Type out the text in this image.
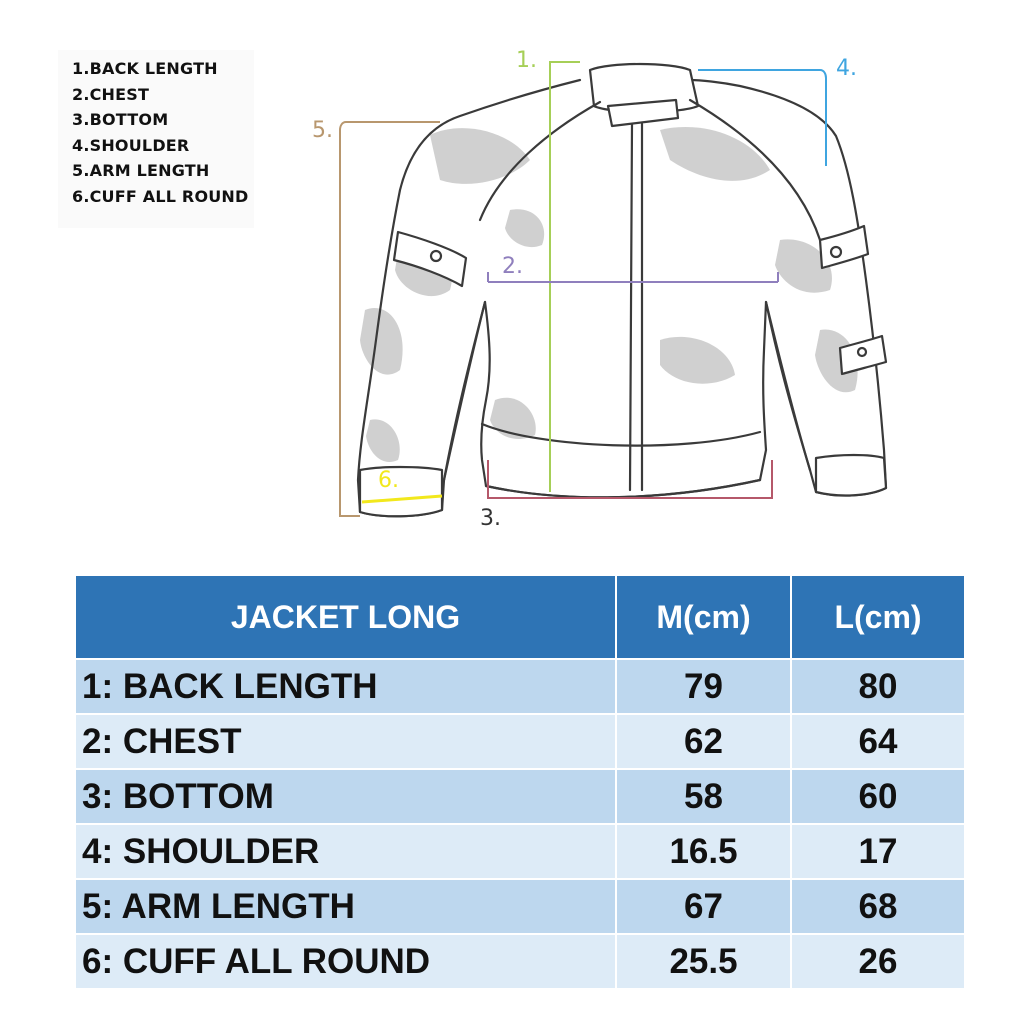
1.BACK LENGTH
2.CHEST
3.BOTTOM
4.SHOULDER
5.ARM LENGTH
6.CUFF ALL ROUND
1.	4.
5.
2.
6.
3.
JACKET LONG	M(cm)	L(cm)
1: BACK LENGTH	79	80
2: CHEST	62	64
3: BOTTOM	58	60
4: SHOULDER	16.5	17
5: ARM LENGTH	67	68
6: CUFF ALL ROUND	25.5	26
